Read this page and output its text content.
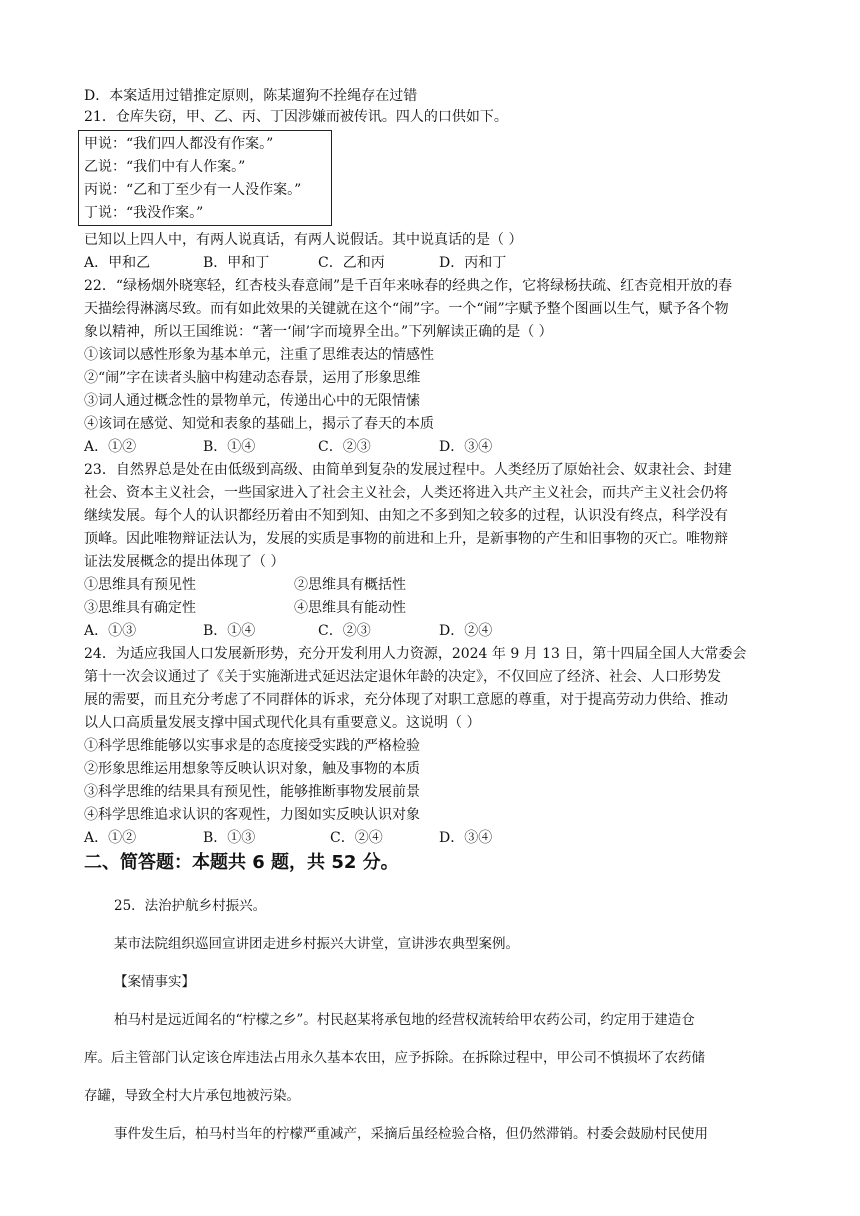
D．本案适用过错推定原则，陈某遛狗不拴绳存在过错
21．仓库失窃，甲、乙、丙、丁因涉嫌而被传讯。四人的口供如下。
甲说：“我们四人都没有作案。”
乙说：“我们中有人作案。”
丙说：“乙和丁至少有一人没作案。”
丁说：“我没作案。”
已知以上四人中，有两人说真话，有两人说假话。其中说真话的是（ ）
A．甲和乙	B．甲和丁	C．乙和丙	D．丙和丁
22．“绿杨烟外晓寒轻，红杏枝头春意闹”是千百年来咏春的经典之作，它将绿杨扶疏、红杏竞相开放的春
天描绘得淋漓尽致。而有如此效果的关键就在这个“闹”字。一个“闹”字赋予整个图画以生气，赋予各个物
象以精神，所以王国维说：“著一‘闹’字而境界全出。”下列解读正确的是（ ）
①该词以感性形象为基本单元，注重了思维表达的情感性
②“闹”字在读者头脑中构建动态春景，运用了形象思维
③词人通过概念性的景物单元，传递出心中的无限情愫
④该词在感觉、知觉和表象的基础上，揭示了春天的本质
A．①②	B．①④	C．②③	D．③④
23．自然界总是处在由低级到高级、由简单到复杂的发展过程中。人类经历了原始社会、奴隶社会、封建
社会、资本主义社会，一些国家进入了社会主义社会，人类还将进入共产主义社会，而共产主义社会仍将
继续发展。每个人的认识都经历着由不知到知、由知之不多到知之较多的过程，认识没有终点，科学没有
顶峰。因此唯物辩证法认为，发展的实质是事物的前进和上升，是新事物的产生和旧事物的灭亡。唯物辩
证法发展概念的提出体现了（ ）
①思维具有预见性	②思维具有概括性
③思维具有确定性	④思维具有能动性
A．①③	B．①④	C．②③	D．②④
24．为适应我国人口发展新形势，充分开发利用人力资源，2024 年 9 月 13 日，第十四届全国人大常委会
第十一次会议通过了《关于实施渐进式延迟法定退休年龄的决定》，不仅回应了经济、社会、人口形势发
展的需要，而且充分考虑了不同群体的诉求，充分体现了对职工意愿的尊重，对于提高劳动力供给、推动
以人口高质量发展支撑中国式现代化具有重要意义。这说明（ ）
①科学思维能够以实事求是的态度接受实践的严格检验
②形象思维运用想象等反映认识对象，触及事物的本质
③科学思维的结果具有预见性，能够推断事物发展前景
④科学思维追求认识的客观性，力图如实反映认识对象
A．①②	B．①③	C．②④	D．③④
二、简答题：本题共 6 题，共 52 分。
25．法治护航乡村振兴。
某市法院组织巡回宣讲团走进乡村振兴大讲堂，宣讲涉农典型案例。
【案情事实】
柏马村是远近闻名的“柠檬之乡”。村民赵某将承包地的经营权流转给甲农药公司，约定用于建造仓
库。后主管部门认定该仓库违法占用永久基本农田，应予拆除。在拆除过程中，甲公司不慎损坏了农药储
存罐，导致全村大片承包地被污染。
事件发生后，柏马村当年的柠檬严重减产，采摘后虽经检验合格，但仍然滞销。村委会鼓励村民使用
